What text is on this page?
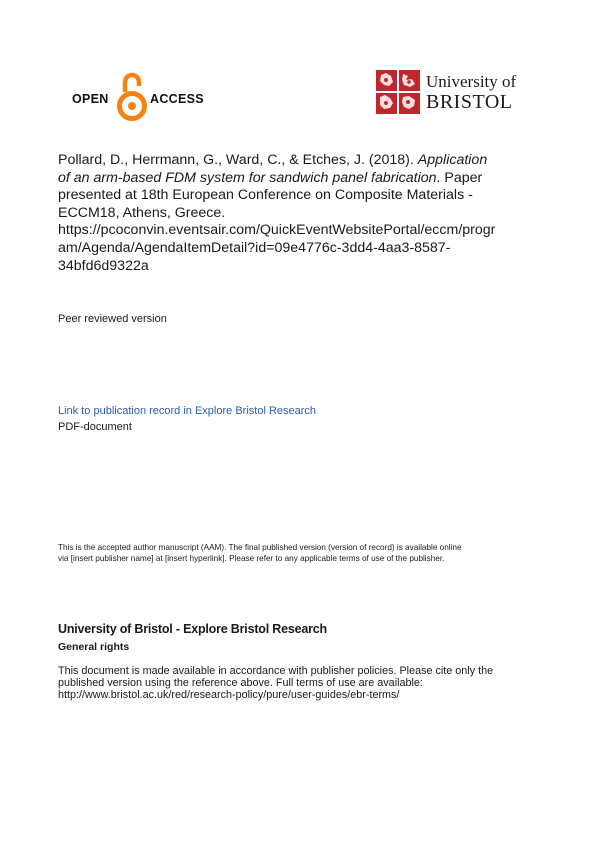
OPEN	ACCESS
University of
BRISTOL
Pollard, D., Herrmann, G., Ward, C., & Etches, J. (2018). Application
of an arm-based FDM system for sandwich panel fabrication. Paper
presented at 18th European Conference on Composite Materials -
ECCM18, Athens, Greece.
https://pcoconvin.eventsair.com/QuickEventWebsitePortal/eccm/progr
am/Agenda/AgendaItemDetail?id=09e4776c-3dd4-4aa3-8587-
34bfd6d9322a
Peer reviewed version
Link to publication record in Explore Bristol Research
PDF-document
This is the accepted author manuscript (AAM). The final published version (version of record) is available online
via [insert publisher name] at [insert hyperlink]. Please refer to any applicable terms of use of the publisher.
University of Bristol - Explore Bristol Research
General rights
This document is made available in accordance with publisher policies. Please cite only the
published version using the reference above. Full terms of use are available:
http://www.bristol.ac.uk/red/research-policy/pure/user-guides/ebr-terms/
